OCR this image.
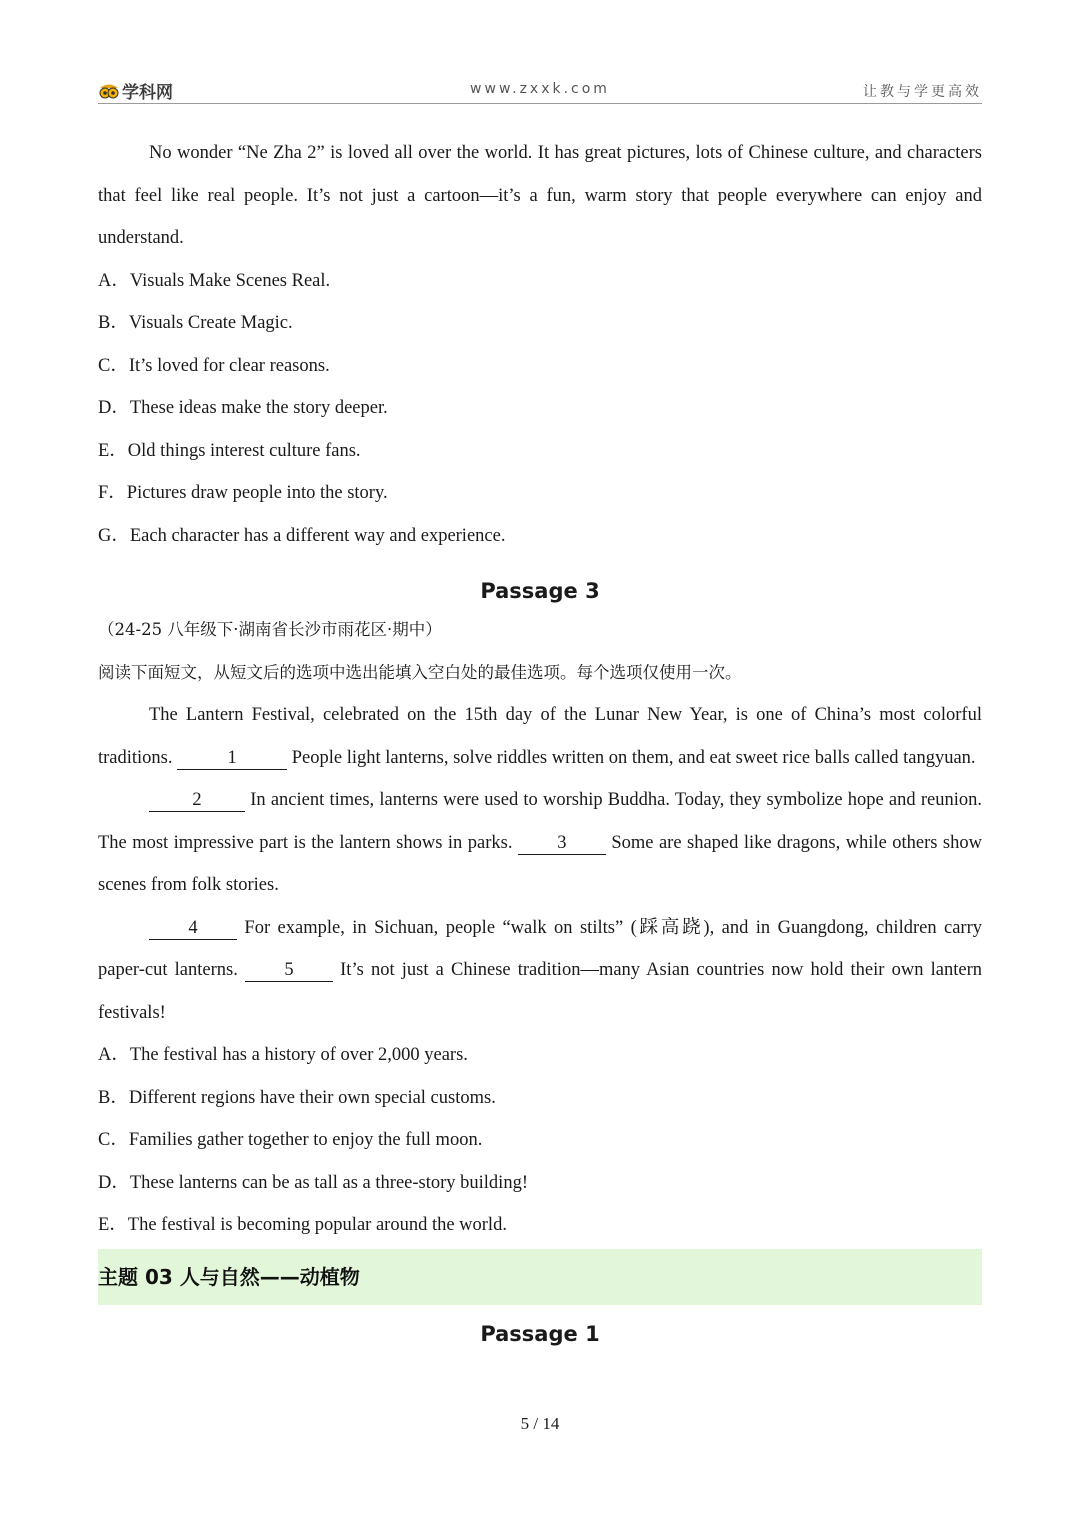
学科网	www.zxxk.com	让教与学更高效

No wonder “Ne Zha 2” is loved all over the world. It has great pictures, lots of Chinese culture, and characters that feel like real people. It’s not just a cartoon—it’s a fun, warm story that people everywhere can enjoy and understand.

A．Visuals Make Scenes Real.

B．Visuals Create Magic.

C．It’s loved for clear reasons.

D．These ideas make the story deeper.

E．Old things interest culture fans.

F．Pictures draw people into the story.

G．Each character has a different way and experience.

Passage 3

（24-25 八年级下·湖南省长沙市雨花区·期中）

阅读下面短文，从短文后的选项中选出能填入空白处的最佳选项。每个选项仅使用一次。

The Lantern Festival, celebrated on the 15th day of the Lunar New Year, is one of China’s most colorful traditions.	1	People light lanterns, solve riddles written on them, and eat sweet rice balls called tangyuan.

2 In ancient times, lanterns were used to worship Buddha. Today, they symbolize hope and reunion. The most impressive part is the lantern shows in parks. 3 Some are shaped like dragons, while others show scenes from folk stories.

4 For example, in Sichuan, people “walk on stilts” (踩高跷), and in Guangdong, children carry paper-cut lanterns. 5 It’s not just a Chinese tradition—many Asian countries now hold their own lantern festivals!

A．The festival has a history of over 2,000 years.

B．Different regions have their own special customs.

C．Families gather together to enjoy the full moon.

D．These lanterns can be as tall as a three-story building!

E．The festival is becoming popular around the world.

主题 03 人与自然——动植物

Passage 1

5 / 14
